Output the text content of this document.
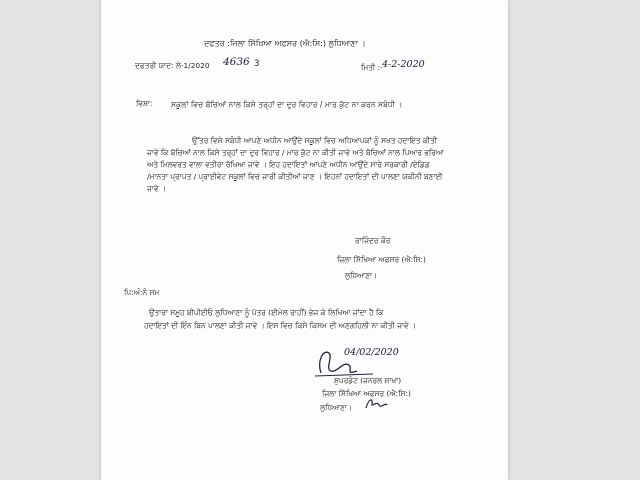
ਦਫਤਰ :ਜਿਲਾ ਸਿੱਖਿਆ ਅਫਸਰ (ਐ:ਸਿ:) ਲੁਧਿਆਣਾ ।
ਦਫਤਰੀ ਯਾਦ: ਲੇ-1/2020 4636 3	ਮਿਤੀ :- 4-2-2020
ਵਿਸ਼ਾ: ਸਕੂਲਾਂ ਵਿਚ ਬੱਚਿਆਂ ਨਾਲ ਕਿਸੇ ਤਰ੍ਹਾਂ ਦਾ ਦੁਰ ਵਿਹਾਰ / ਮਾਰ ਕੁੱਟ ਨਾ ਕਰਨ ਸਬੰਧੀ ।
ਉੱਤਰ ਵਿਸ਼ੇ ਸਬੰਧੀ ਆਪਣੇ ਅਧੀਨ ਆਉਂਦੇ ਸਕੂਲਾਂ ਵਿਚ ਅਧਿਆਪਕਾਂ ਨੂੰ ਸਖਤ ਹਦਾਇਤ ਕੀਤੀ
ਜਾਵੇ ਕਿ ਬੱਚਿਆਂ ਨਾਲ ਕਿਸੇ ਤਰ੍ਹਾਂ ਦਾ ਦੁਰ ਵਿਹਾਰ / ਮਾਰ ਕੁੱਟ ਨਾ ਕੀਤੀ ਜਾਵੇ ਅਤੇ ਬੱਚਿਆਂ ਨਾਲ ਪਿਆਰ ਭਰਿਆ
ਅਤੇ ਮਿਲਵਰਤ ਵਾਲਾ ਵਤੀਰਾ ਰੱਖਿਆ ਜਾਵੇ । ਇਹ ਹਦਾਇਤਾਂ ਆਪਣੇ ਅਧੀਨ ਆਉਂਦੇ ਸਾਰੇ ਸਰਕਾਰੀ /ਏਡਿਡ
/ਮਾਨਤਾ ਪ੍ਰਾਪਤ / ਪ੍ਰਾਈਵੇਟ ਸਕੂਲਾਂ ਵਿਚ ਜਾਰੀ ਕੀਤੀਆਂ ਜਾਣ । ਇਹਨਾਂ ਹਦਾਇਤਾਂ ਦੀ ਪਾਲਣਾ ਯਕੀਨੀ ਬਣਾਈ
ਜਾਵੇ ।
ਰਾਜਿੰਦਰ ਕੌਰ
ਜ਼ਿਲਾ ਸਿੱਖਿਆ ਅਫਸਰ (ਐ:ਸਿ:)
ਲੁਧਿਆਣਾ।
ਪਿ:ਅੰ:ਨੰ ਸਮ
ਉਤਾਰਾ ਸਮੂਹ ਬੀਪੀਈਓ ਲੁਧਿਆਣਾ ਨੂੰ ਪੱਤਰ (ਈਮੇਲ ਰਾਹੀਂ) ਭੇਜ ਕੇ ਲਿਖਿਆ ਜਾਂਦਾ ਹੈ ਕਿ
ਹਦਾਇਤਾਂ ਦੀ ਇੰਨ ਬਿਨ ਪਾਲਣਾ ਕੀਤੀ ਜਾਵੇ । ਇਸ ਵਿਚ ਕਿਸੇ ਕਿਸਮ ਦੀ ਅਣਗਹਿਲੀ ਨਾ ਕੀਤੀ ਜਾਵੇ ।
04/02/2020
ਸੁਪਰਡੰਟ (ਜਨਰਲ ਸ਼ਾਖਾ)
ਜਿਲਾ ਸਿੱਖਿਆ ਅਫਸਰ (ਐ:ਸਿ:)
ਲੁਧਿਆਣਾ।
